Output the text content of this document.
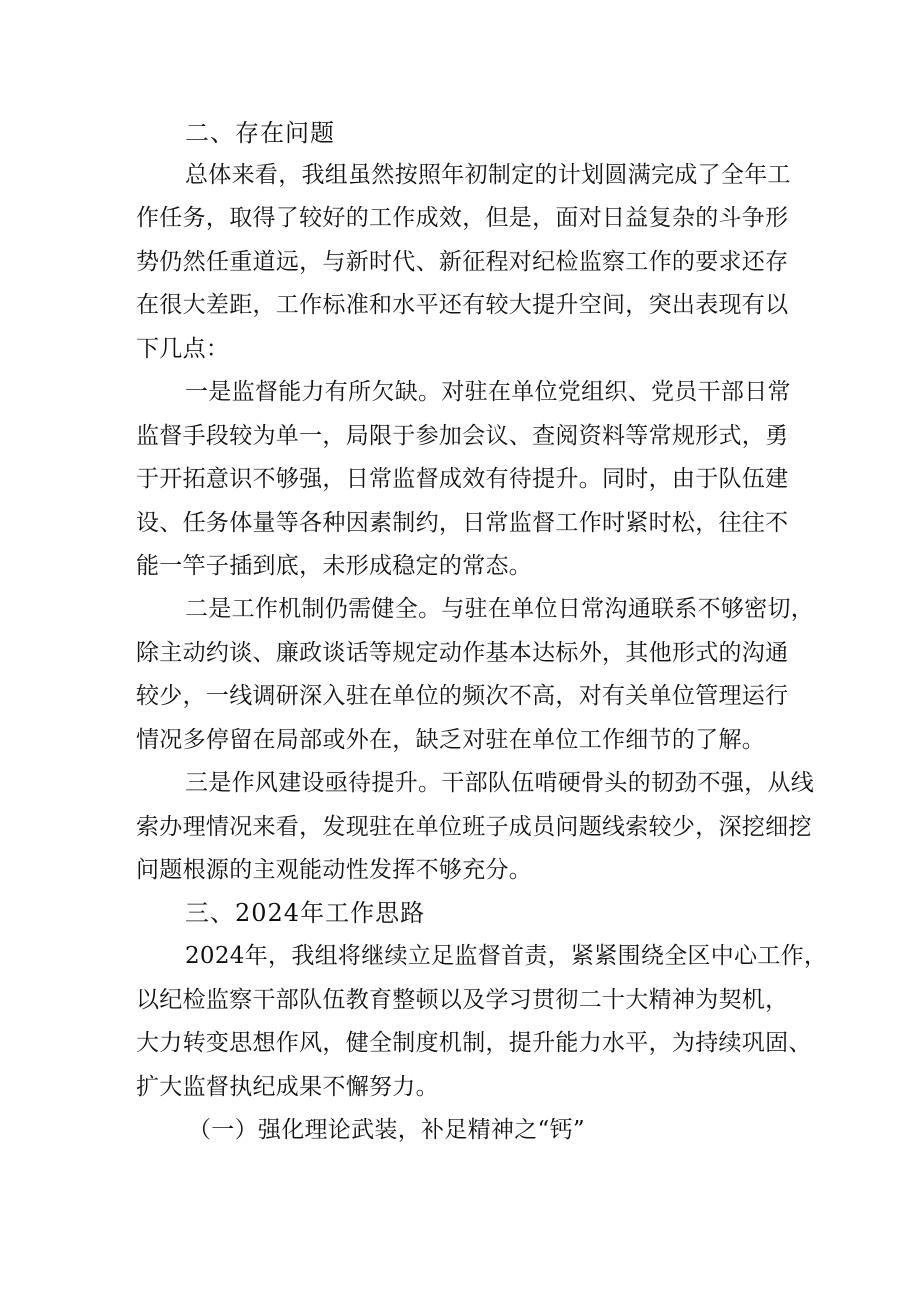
二、存在问题
总体来看，我组虽然按照年初制定的计划圆满完成了全年工
作任务，取得了较好的工作成效，但是，面对日益复杂的斗争形
势仍然任重道远，与新时代、新征程对纪检监察工作的要求还存
在很大差距，工作标准和水平还有较大提升空间，突出表现有以
下几点：
一是监督能力有所欠缺。对驻在单位党组织、党员干部日常
监督手段较为单一，局限于参加会议、查阅资料等常规形式，勇
于开拓意识不够强，日常监督成效有待提升。同时，由于队伍建
设、任务体量等各种因素制约，日常监督工作时紧时松，往往不
能一竿子插到底，未形成稳定的常态。
二是工作机制仍需健全。与驻在单位日常沟通联系不够密切，
除主动约谈、廉政谈话等规定动作基本达标外，其他形式的沟通
较少，一线调研深入驻在单位的频次不高，对有关单位管理运行
情况多停留在局部或外在，缺乏对驻在单位工作细节的了解。
三是作风建设亟待提升。干部队伍啃硬骨头的韧劲不强，从线
索办理情况来看，发现驻在单位班子成员问题线索较少，深挖细挖
问题根源的主观能动性发挥不够充分。
三、2024年工作思路
2024年，我组将继续立足监督首责，紧紧围绕全区中心工作，
以纪检监察干部队伍教育整顿以及学习贯彻二十大精神为契机，
大力转变思想作风，健全制度机制，提升能力水平，为持续巩固、
扩大监督执纪成果不懈努力。
（一）强化理论武装，补足精神之“钙”
